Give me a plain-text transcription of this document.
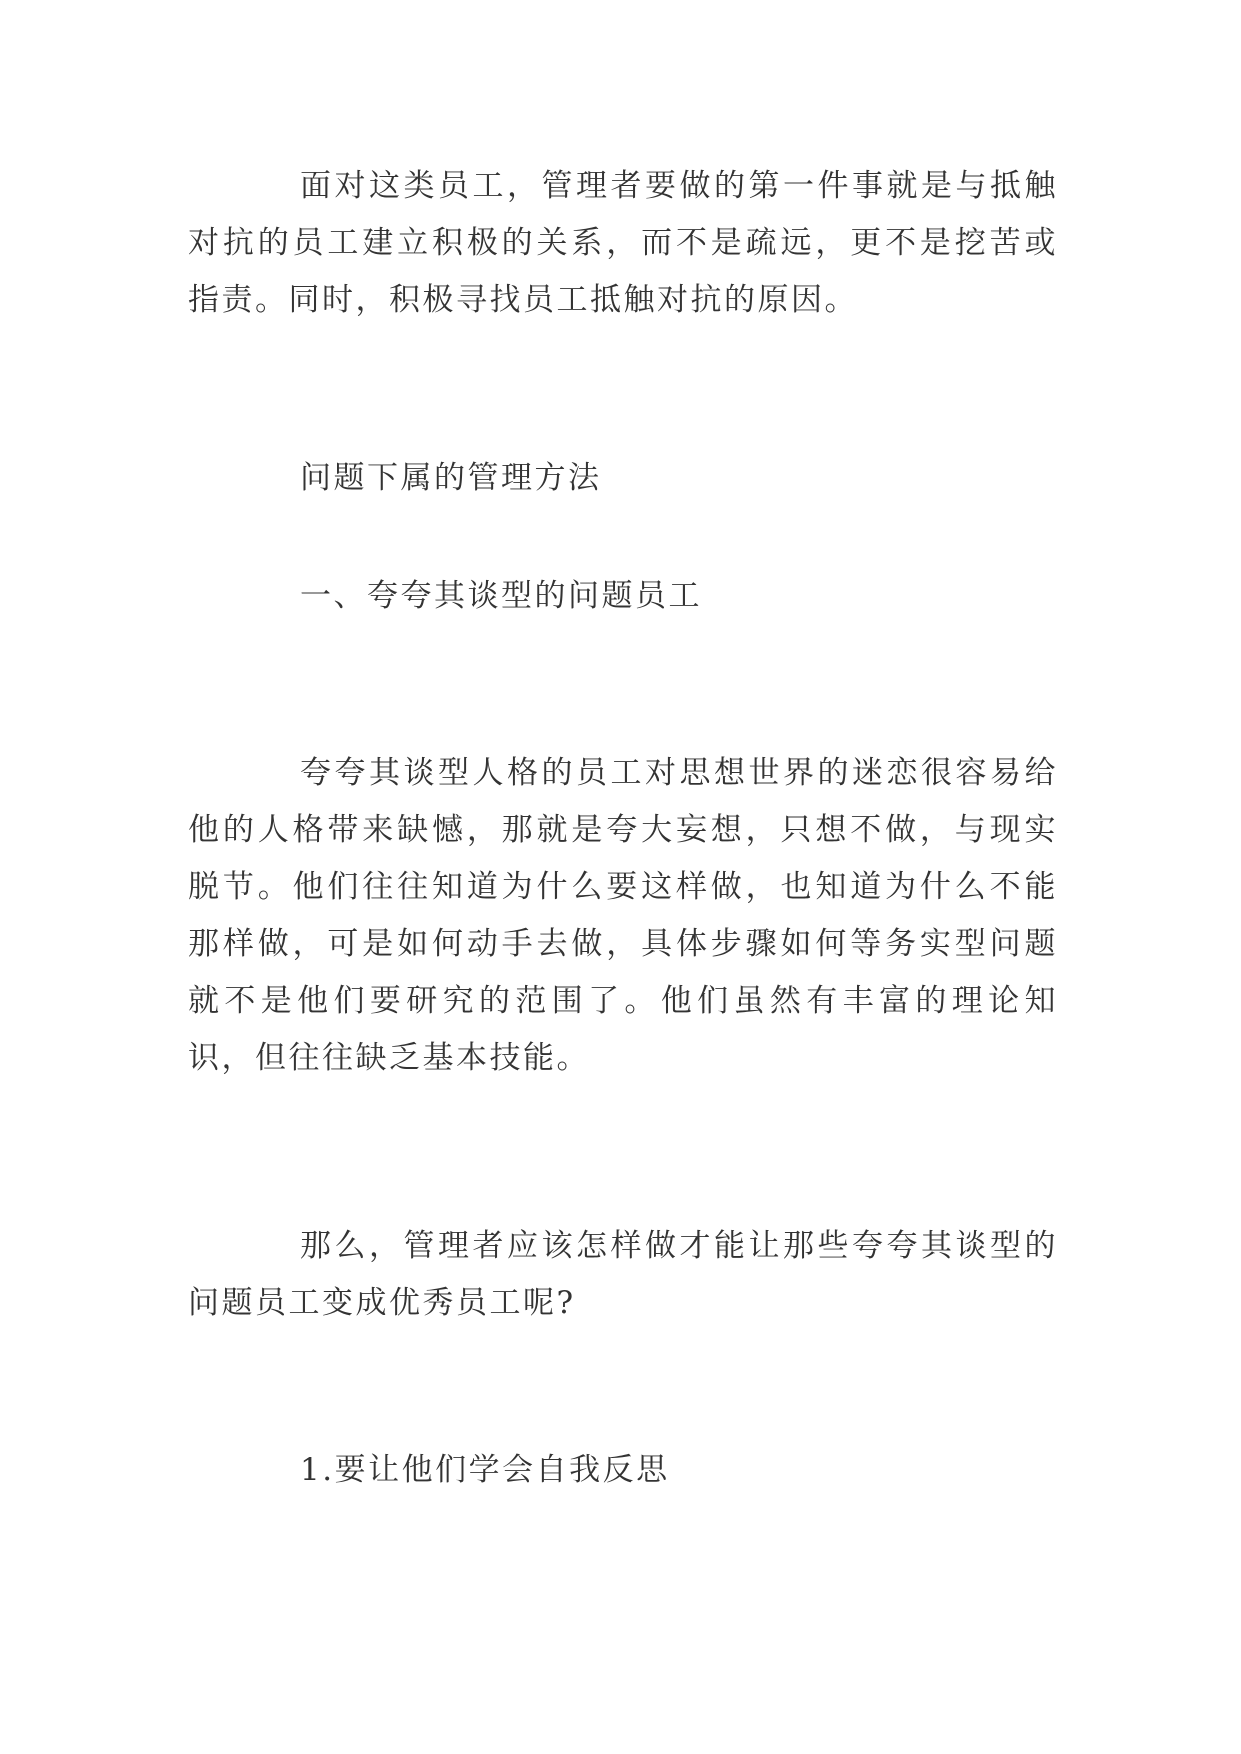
面对这类员工，管理者要做的第一件事就是与抵触对抗的员工建立积极的关系，而不是疏远，更不是挖苦或指责。同时，积极寻找员工抵触对抗的原因。

问题下属的管理方法

一、夸夸其谈型的问题员工

夸夸其谈型人格的员工对思想世界的迷恋很容易给他的人格带来缺憾，那就是夸大妄想，只想不做，与现实脱节。他们往往知道为什么要这样做，也知道为什么不能那样做，可是如何动手去做，具体步骤如何等务实型问题就不是他们要研究的范围了。他们虽然有丰富的理论知识，但往往缺乏基本技能。

那么，管理者应该怎样做才能让那些夸夸其谈型的问题员工变成优秀员工呢?

1.要让他们学会自我反思
